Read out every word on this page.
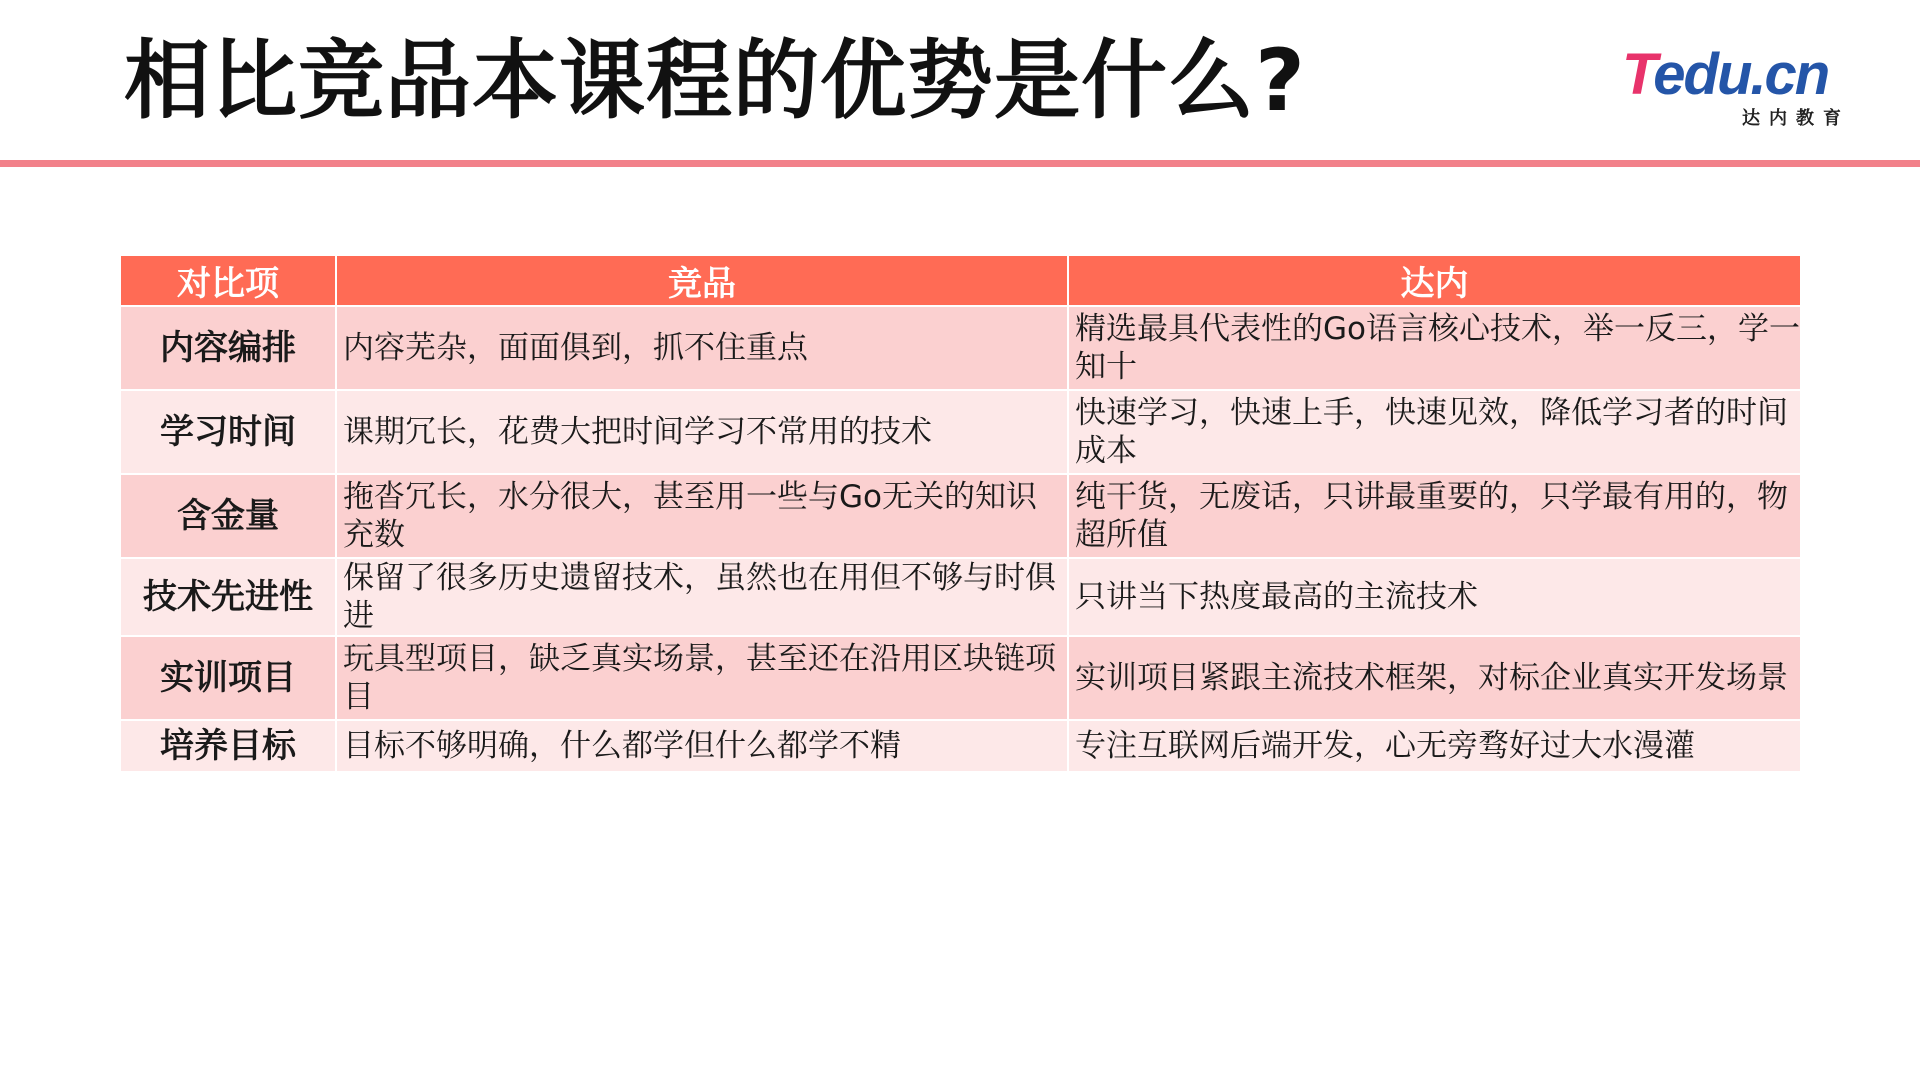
相比竞品本课程的优势是什么?	Tedu.cn
达内教育
对比项	竞品	达内
内容编排	内容芜杂，面面俱到，抓不住重点	精选最具代表性的Go语言核心技术，举一反三，学一知十
学习时间	课期冗长，花费大把时间学习不常用的技术	快速学习，快速上手，快速见效，降低学习者的时间成本
含金量	拖沓冗长，水分很大，甚至用一些与Go无关的知识充数	纯干货，无废话，只讲最重要的，只学最有用的，物超所值
技术先进性	保留了很多历史遗留技术，虽然也在用但不够与时俱进	只讲当下热度最高的主流技术
实训项目	玩具型项目，缺乏真实场景，甚至还在沿用区块链项目	实训项目紧跟主流技术框架，对标企业真实开发场景
培养目标	目标不够明确，什么都学但什么都学不精	专注互联网后端开发，心无旁骛好过大水漫灌
